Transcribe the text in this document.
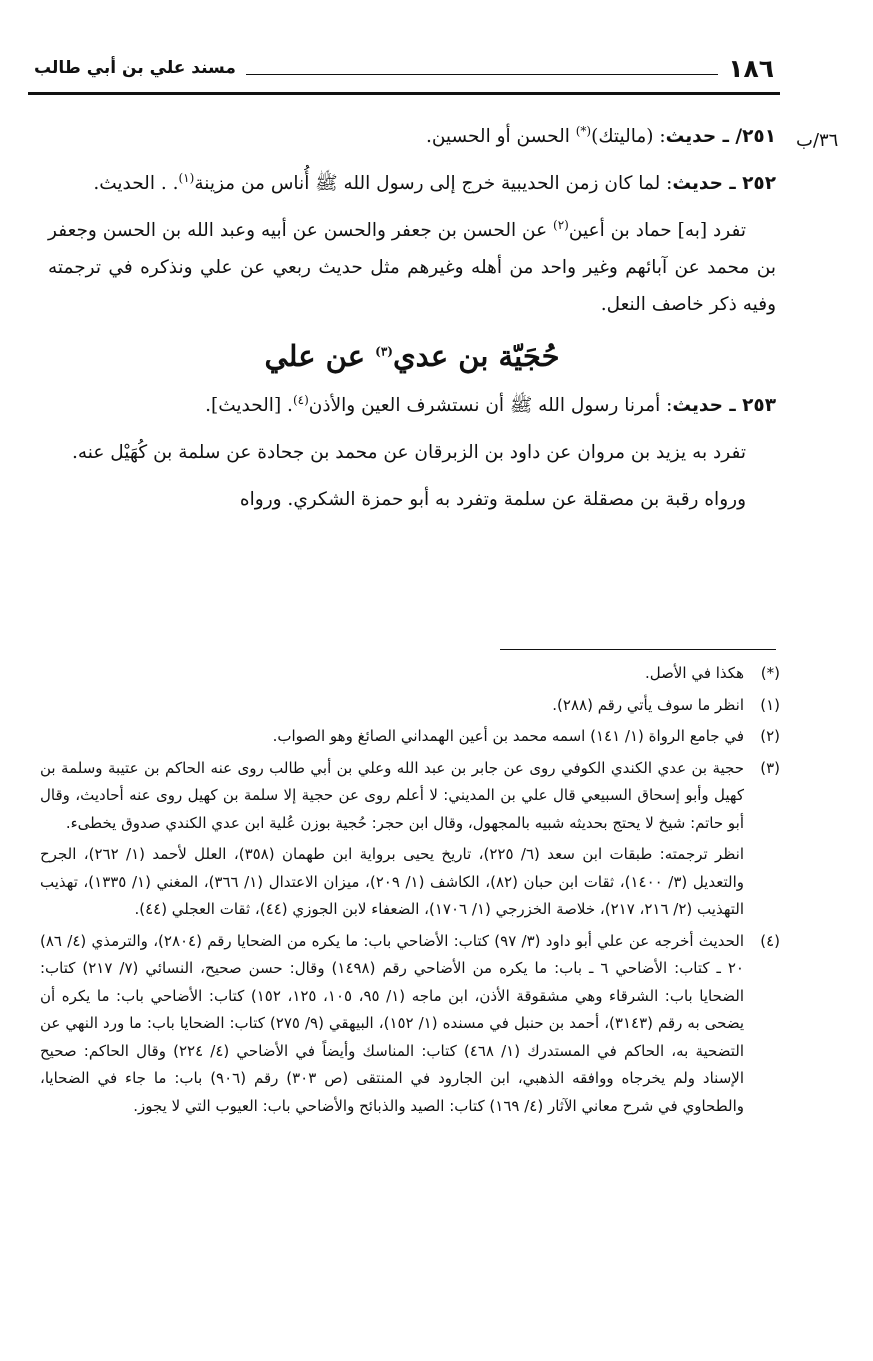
١٨٦
مسند علي بن أبي طالب
٣٦/ب

٢٥١/ ـ حديث: (ماليتك)(*) الحسن أو الحسين.

٢٥٢ ـ حديث: لما كان زمن الحديبية خرج إلى رسول الله ﷺ أُناس من مزينة$^{(١)}$. . الحديث.

تفرد [به] حماد بن أعين$^{(٢)}$ عن الحسن بن جعفر والحسن عن أبيه وعبد الله بن الحسن وجعفر بن محمد عن آبائهم وغير واحد من أهله وغيرهم مثل حديث ربعي عن علي ونذكره في ترجمته وفيه ذكر خاصف النعل.

حُجَيّة بن عدي$^{(٣)}$ عن علي

٢٥٣ ـ حديث: أمرنا رسول الله ﷺ أن نستشرف العين والأذن$^{(٤)}$. [الحديث].

تفرد به يزيد بن مروان عن داود بن الزبرقان عن محمد بن جحادة عن سلمة بن كُهَيْل عنه.

ورواه رقبة بن مصقلة عن سلمة وتفرد به أبو حمزة الشكري. ورواه

(*)

هكذا في الأصل.

(١)

انظر ما سوف يأتي رقم (٢٨٨).

(٢)

في جامع الرواة (١/ ١٤١) اسمه محمد بن أعين الهمداني الصائغ وهو الصواب.

(٣)

حجية بن عدي الكندي الكوفي روى عن جابر بن عبد الله وعلي بن أبي طالب روى عنه الحاكم بن عتيبة وسلمة بن كهيل وأبو إسحاق السبيعي قال علي بن المديني: لا أعلم روى عن حجية إلا سلمة بن كهيل روى عنه أحاديث، وقال أبو حاتم: شيخ لا يحتج بحديثه شبيه بالمجهول، وقال ابن حجر: حُجية بوزن عُلية ابن عدي الكندي صدوق يخطىء.

انظر ترجمته: طبقات ابن سعد (٦/ ٢٢٥)، تاريخ يحيى برواية ابن طهمان (٣٥٨)، العلل لأحمد (١/ ٢٦٢)، الجرح والتعديل (٣/ ١٤٠٠)، ثقات ابن حبان (٨٢)، الكاشف (١/ ٢٠٩)، ميزان الاعتدال (١/ ٣٦٦)، المغني (١/ ١٣٣٥)، تهذيب التهذيب (٢/ ٢١٦، ٢١٧)، خلاصة الخزرجي (١/ ١٧٠٦)، الضعفاء لابن الجوزي (٤٤)، ثقات العجلي (٤٤).

(٤)

الحديث أخرجه عن علي أبو داود (٣/ ٩٧) كتاب: الأضاحي باب: ما يكره من الضحايا رقم (٢٨٠٤)، والترمذي (٤/ ٨٦) ٢٠ ـ كتاب: الأضاحي ٦ ـ باب: ما يكره من الأضاحي رقم (١٤٩٨) وقال: حسن صحيح، النسائي (٧/ ٢١٧) كتاب: الضحايا باب: الشرقاء وهي مشقوقة الأذن، ابن ماجه (١/ ٩٥، ١٠٥، ١٢٥، ١٥٢) كتاب: الأضاحي باب: ما يكره أن يضحى به رقم (٣١٤٣)، أحمد بن حنبل في مسنده (١/ ١٥٢)، البيهقي (٩/ ٢٧٥) كتاب: الضحايا باب: ما ورد النهي عن التضحية به، الحاكم في المستدرك (١/ ٤٦٨) كتاب: المناسك وأيضاً في الأضاحي (٤/ ٢٢٤) وقال الحاكم: صحيح الإسناد ولم يخرجاه ووافقه الذهبي، ابن الجارود في المنتقى (ص ٣٠٣) رقم (٩٠٦) باب: ما جاء في الضحايا، والطحاوي في شرح معاني الآثار (٤/ ١٦٩) كتاب: الصيد والذبائح والأضاحي باب: العيوب التي لا يجوز.
